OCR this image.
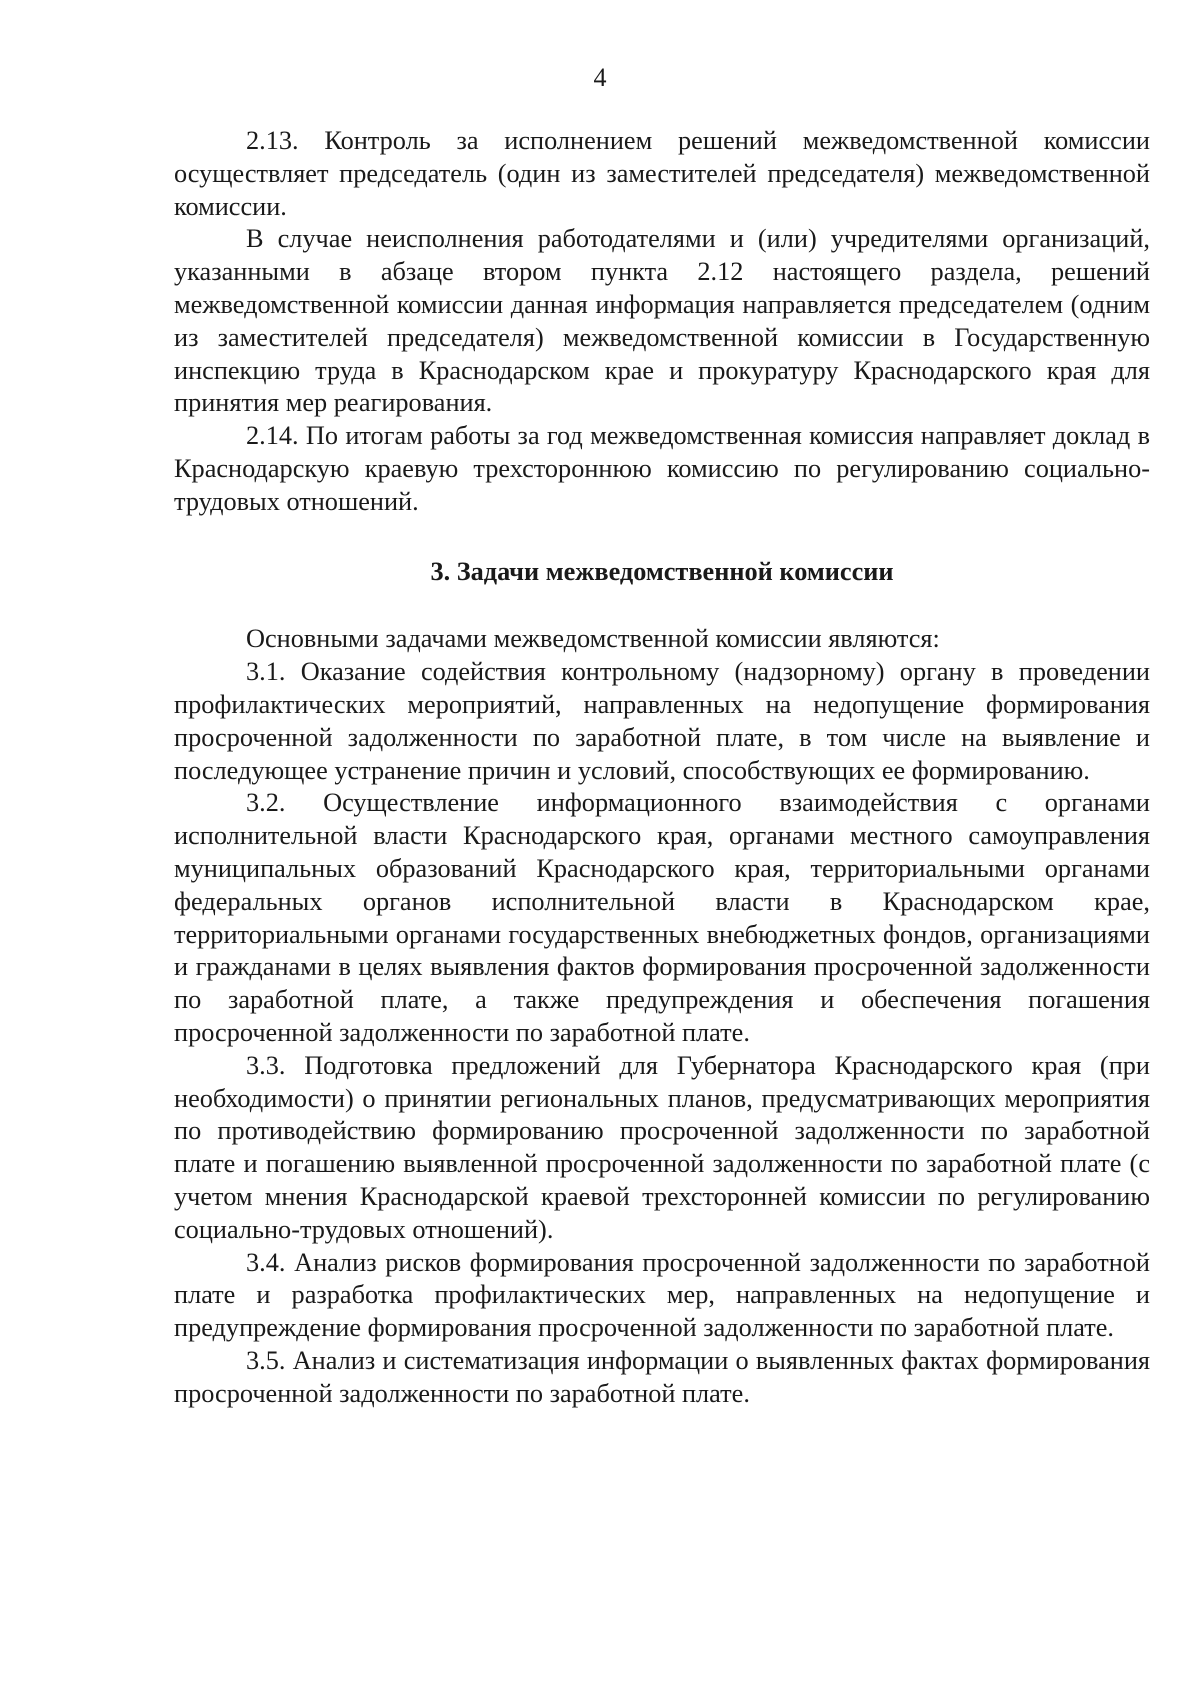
4

2.13. Контроль за исполнением решений межведомственной комиссии осуществляет председатель (один из заместителей председателя) межведомственной комиссии.

В случае неисполнения работодателями и (или) учредителями организаций, указанными в абзаце втором пункта 2.12 настоящего раздела, решений межведомственной комиссии данная информация направляется председателем (одним из заместителей председателя) межведомственной комиссии в Государственную инспекцию труда в Краснодарском крае и прокуратуру Краснодарского края для принятия мер реагирования.

2.14. По итогам работы за год межведомственная комиссия направляет доклад в Краснодарскую краевую трехстороннюю комиссию по регулированию социально-трудовых отношений.

3. Задачи межведомственной комиссии

Основными задачами межведомственной комиссии являются:

3.1. Оказание содействия контрольному (надзорному) органу в проведении профилактических мероприятий, направленных на недопущение формирования просроченной задолженности по заработной плате, в том числе на выявление и последующее устранение причин и условий, способствующих ее формированию.

3.2. Осуществление информационного взаимодействия с органами исполнительной власти Краснодарского края, органами местного самоуправления муниципальных образований Краснодарского края, территориальными органами федеральных органов исполнительной власти в Краснодарском крае, территориальными органами государственных внебюджетных фондов, организациями и гражданами в целях выявления фактов формирования просроченной задолженности по заработной плате, а также предупреждения и обеспечения погашения просроченной задолженности по заработной плате.

3.3. Подготовка предложений для Губернатора Краснодарского края (при необходимости) о принятии региональных планов, предусматривающих мероприятия по противодействию формированию просроченной задолженности по заработной плате и погашению выявленной просроченной задолженности по заработной плате (с учетом мнения Краснодарской краевой трехсторонней комиссии по регулированию социально-трудовых отношений).

3.4. Анализ рисков формирования просроченной задолженности по заработной плате и разработка профилактических мер, направленных на недопущение и предупреждение формирования просроченной задолженности по заработной плате.

3.5. Анализ и систематизация информации о выявленных фактах формирования просроченной задолженности по заработной плате.
